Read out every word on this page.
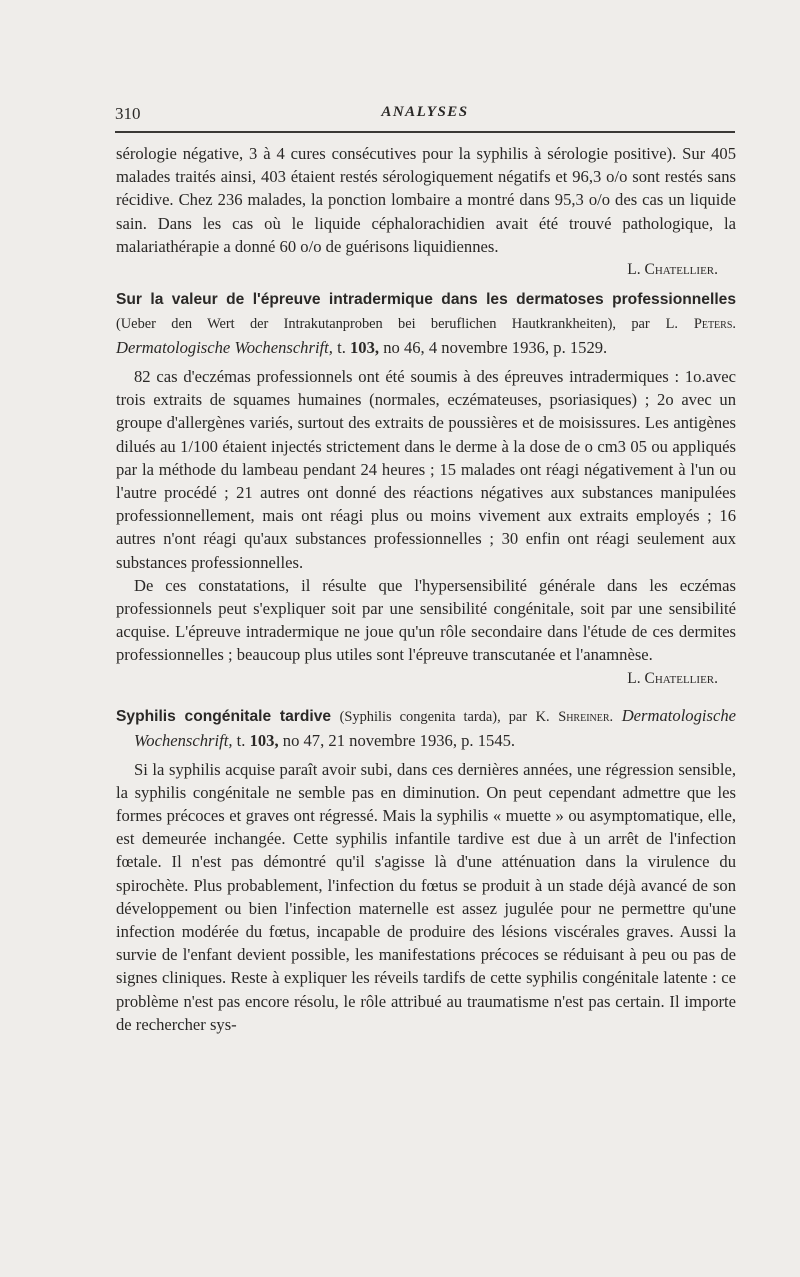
310	ANALYSES

sérologie négative, 3 à 4 cures consécutives pour la syphilis à sérologie positive). Sur 405 malades traités ainsi, 403 étaient restés sérologiquement négatifs et 96,3 o/o sont restés sans récidive. Chez 236 malades, la ponction lombaire a montré dans 95,3 o/o des cas un liquide sain. Dans les cas où le liquide céphalorachidien avait été trouvé pathologique, la malariathérapie a donné 60 o/o de guérisons liquidiennes.

L. Chatellier.

Sur la valeur de l'épreuve intradermique dans les dermatoses professionnelles (Ueber den Wert der Intrakutanproben bei beruflichen Hautkrankheiten), par L. Peters. Dermatologische Wochenschrift, t. 103, no 46, 4 novembre 1936, p. 1529.

82 cas d'eczémas professionnels ont été soumis à des épreuves intradermiques : 1o.avec trois extraits de squames humaines (normales, eczémateuses, psoriasiques) ; 2o avec un groupe d'allergènes variés, surtout des extraits de poussières et de moisissures. Les antigènes dilués au 1/100 étaient injectés strictement dans le derme à la dose de o cm3 05 ou appliqués par la méthode du lambeau pendant 24 heures ; 15 malades ont réagi négativement à l'un ou l'autre procédé ; 21 autres ont donné des réactions négatives aux substances manipulées professionnellement, mais ont réagi plus ou moins vivement aux extraits employés ; 16 autres n'ont réagi qu'aux substances professionnelles ; 30 enfin ont réagi seulement aux substances professionnelles.

De ces constatations, il résulte que l'hypersensibilité générale dans les eczémas professionnels peut s'expliquer soit par une sensibilité congénitale, soit par une sensibilité acquise. L'épreuve intradermique ne joue qu'un rôle secondaire dans l'étude de ces dermites professionnelles ; beaucoup plus utiles sont l'épreuve transcutanée et l'anamnèse.

L. Chatellier.

Syphilis congénitale tardive (Syphilis congenita tarda), par K. Shreiner. Dermatologische Wochenschrift, t. 103, no 47, 21 novembre 1936, p. 1545.

Si la syphilis acquise paraît avoir subi, dans ces dernières années, une régression sensible, la syphilis congénitale ne semble pas en diminution. On peut cependant admettre que les formes précoces et graves ont régressé. Mais la syphilis « muette » ou asymptomatique, elle, est demeurée inchangée. Cette syphilis infantile tardive est due à un arrêt de l'infection fœtale. Il n'est pas démontré qu'il s'agisse là d'une atténuation dans la virulence du spirochète. Plus probablement, l'infection du fœtus se produit à un stade déjà avancé de son développement ou bien l'infection maternelle est assez jugulée pour ne permettre qu'une infection modérée du fœtus, incapable de produire des lésions viscérales graves. Aussi la survie de l'enfant devient possible, les manifestations précoces se réduisant à peu ou pas de signes cliniques. Reste à expliquer les réveils tardifs de cette syphilis congénitale latente : ce problème n'est pas encore résolu, le rôle attribué au traumatisme n'est pas certain. Il importe de rechercher sys-
